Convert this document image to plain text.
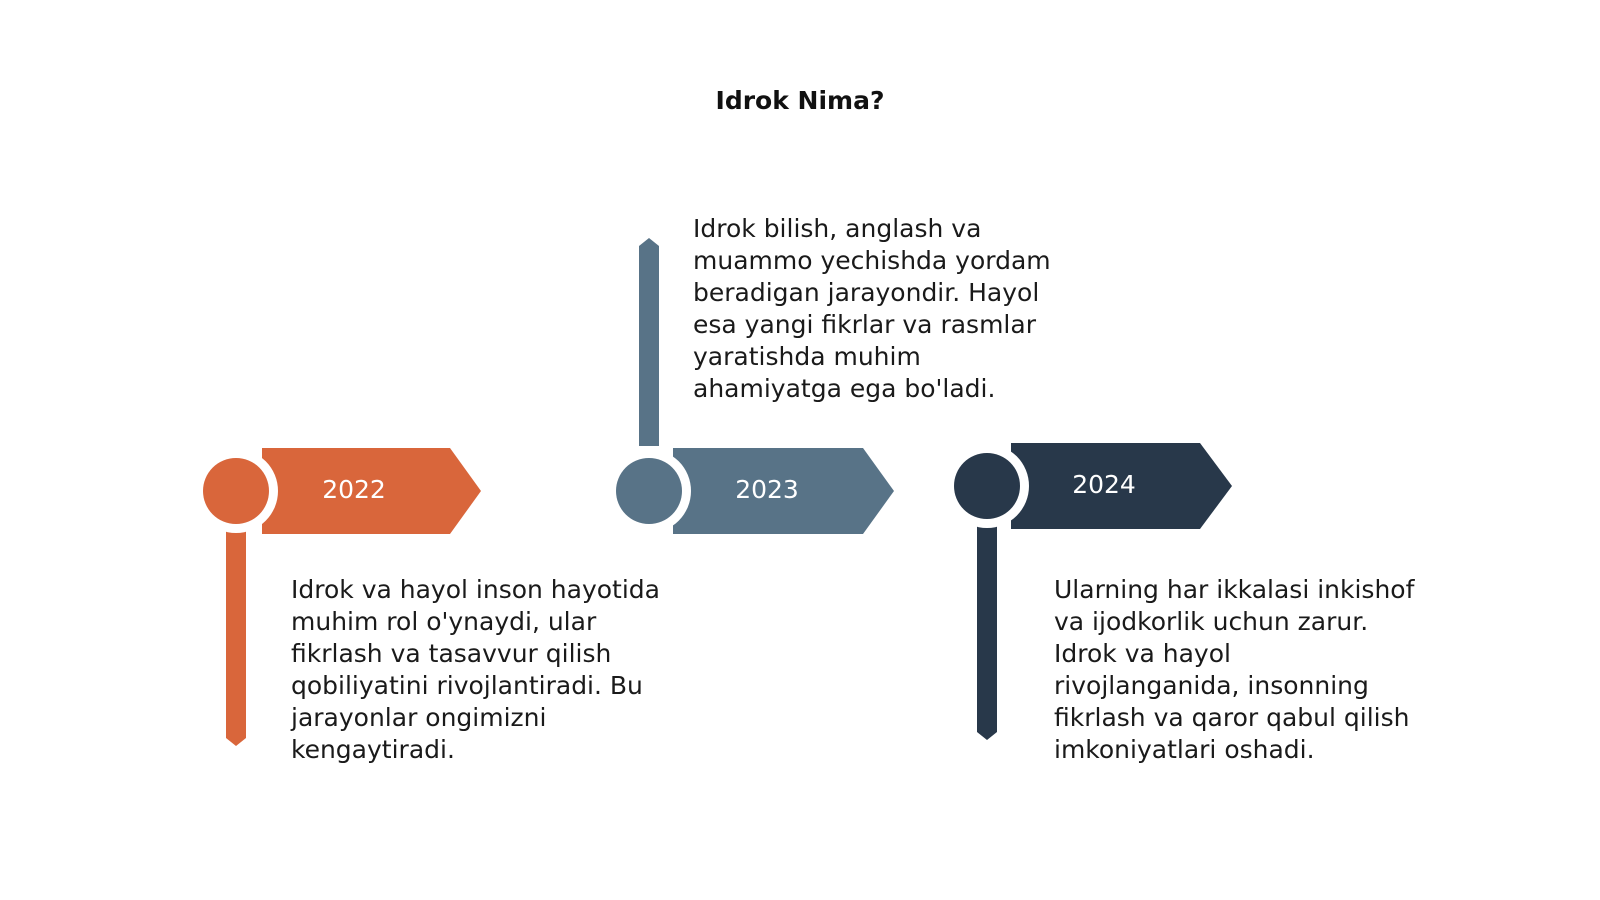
Idrok Nima?
2022	2023	2024
Idrok va hayol inson hayotida muhim rol o'ynaydi, ular fikrlash va tasavvur qilish qobiliyatini rivojlantiradi. Bu jarayonlar ongimizni kengaytiradi.
Idrok bilish, anglash va muammo yechishda yordam beradigan jarayondir. Hayol esa yangi fikrlar va rasmlar yaratishda muhim ahamiyatga ega bo'ladi.
Ularning har ikkalasi inkishof va ijodkorlik uchun zarur. Idrok va hayol rivojlanganida, insonning fikrlash va qaror qabul qilish imkoniyatlari oshadi.
